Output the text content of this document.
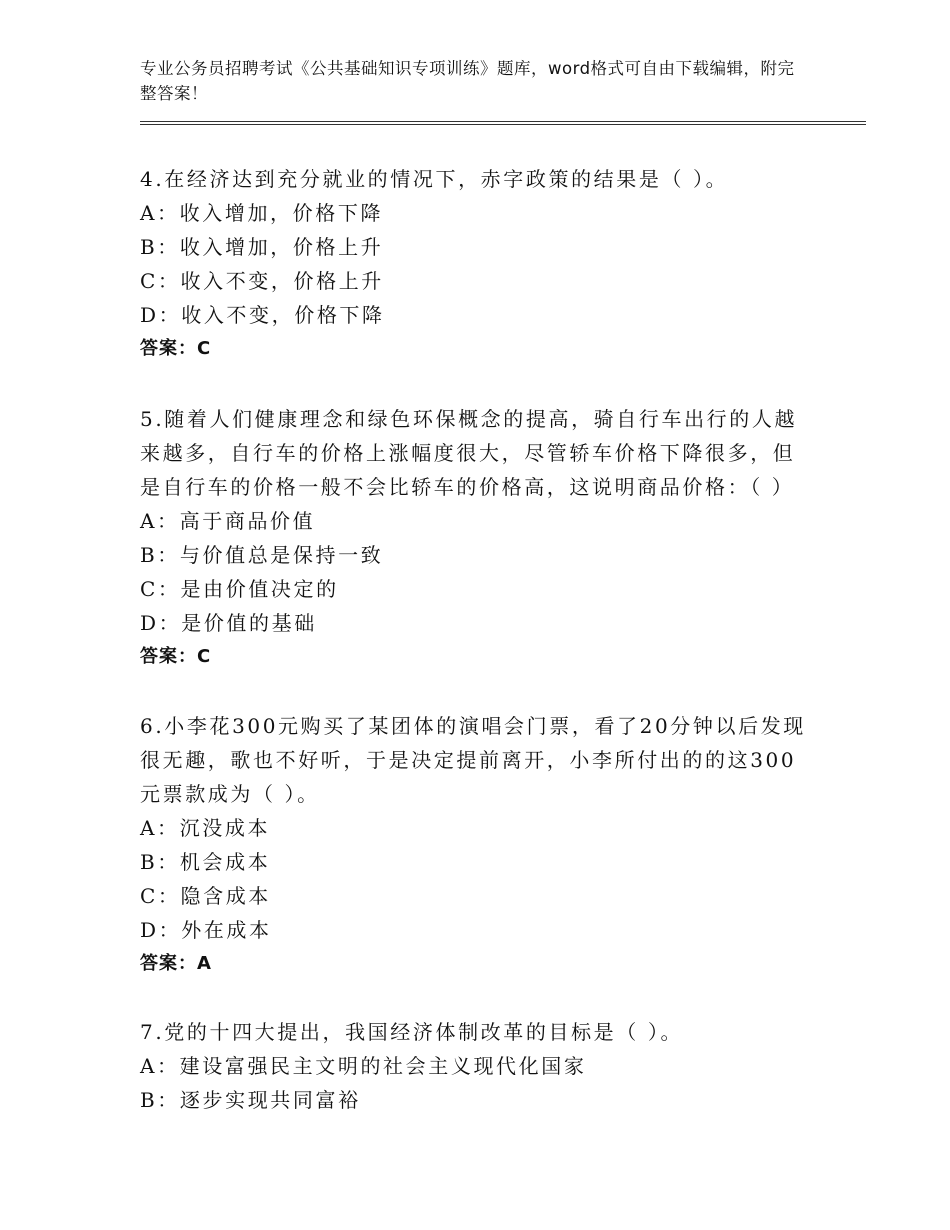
专业公务员招聘考试《公共基础知识专项训练》题库，word格式可自由下载编辑，附完整答案！
4.在经济达到充分就业的情况下，赤字政策的结果是（ ）。
A：收入增加，价格下降
B：收入增加，价格上升
C：收入不变，价格上升
D：收入不变，价格下降
答案：C
5.随着人们健康理念和绿色环保概念的提高，骑自行车出行的人越来越多，自行车的价格上涨幅度很大，尽管轿车价格下降很多，但是自行车的价格一般不会比轿车的价格高，这说明商品价格：（ ）
A：高于商品价值
B：与价值总是保持一致
C：是由价值决定的
D：是价值的基础
答案：C
6.小李花300元购买了某团体的演唱会门票，看了20分钟以后发现很无趣，歌也不好听，于是决定提前离开，小李所付出的的这300元票款成为（ ）。
A：沉没成本
B：机会成本
C：隐含成本
D：外在成本
答案：A
7.党的十四大提出，我国经济体制改革的目标是（ ）。
A：建设富强民主文明的社会主义现代化国家
B：逐步实现共同富裕
